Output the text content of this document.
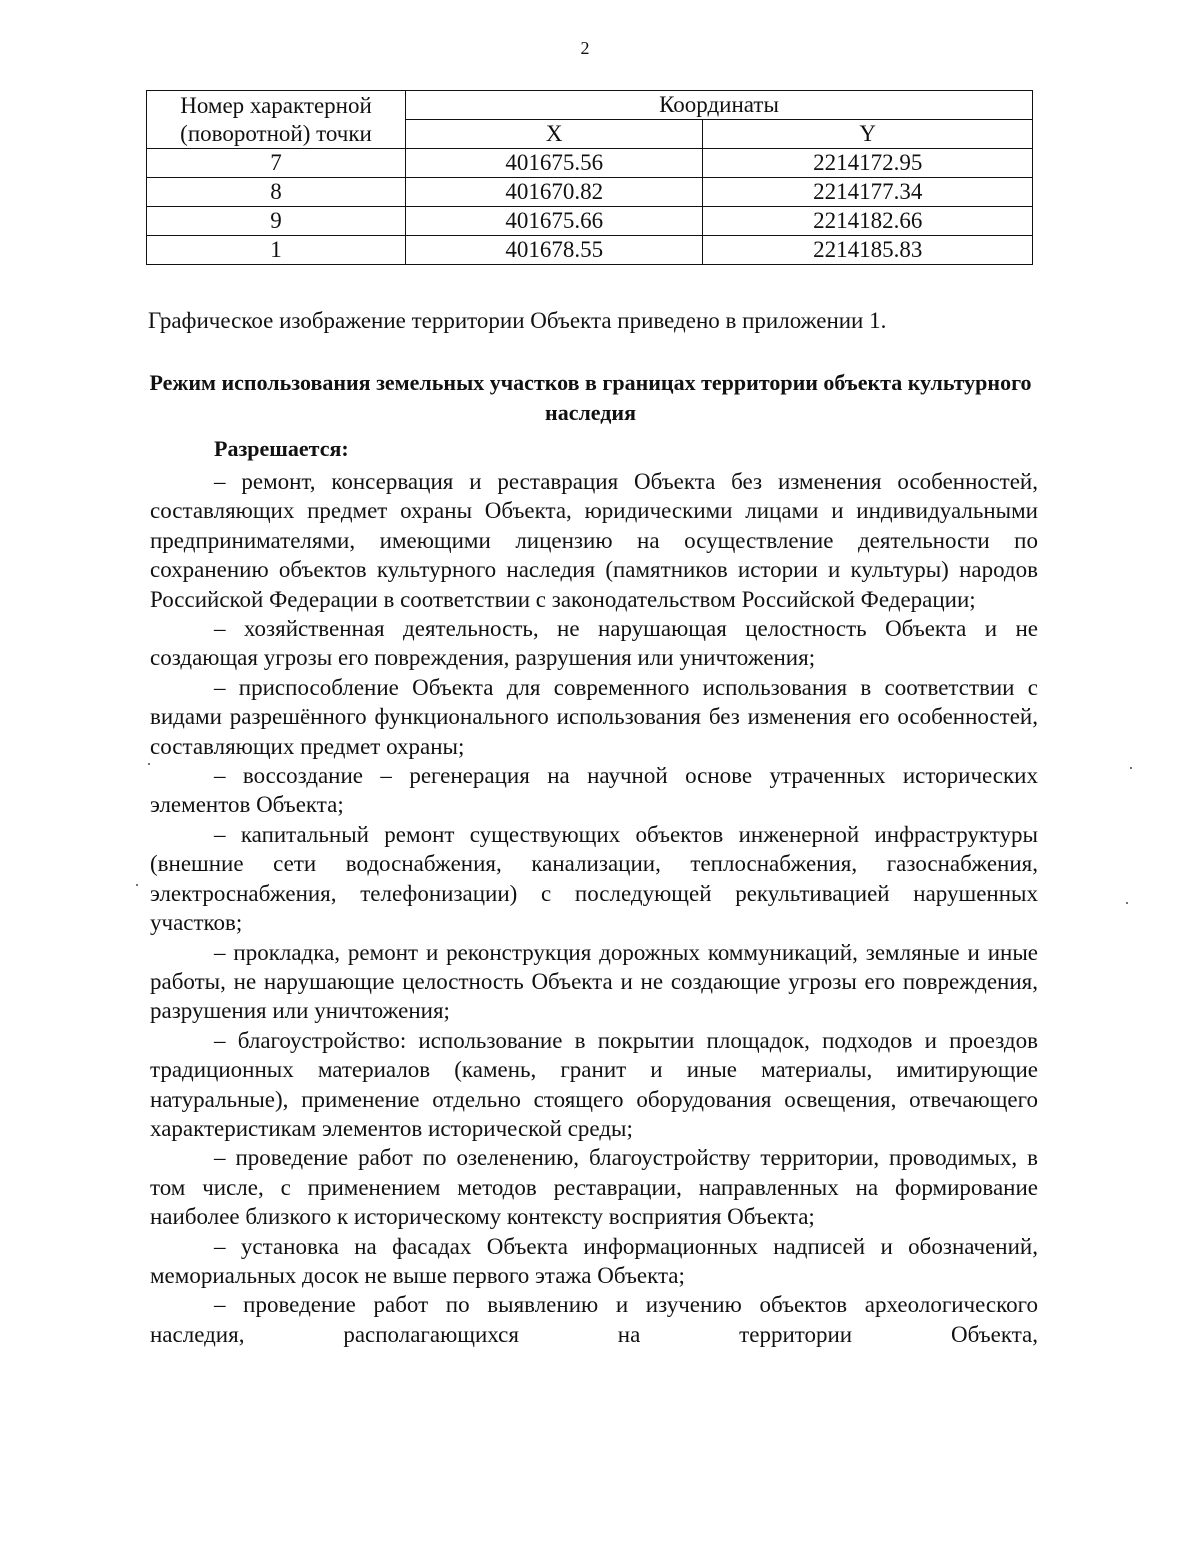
2
Номер характерной (поворотной) точки	Координаты	
	X	Y
7	401675.56	2214172.95
8	401670.82	2214177.34
9	401675.66	2214182.66
1	401678.55	2214185.83
Графическое изображение территории Объекта приведено в приложении 1.
Режим использования земельных участков в границах территории объекта культурного наследия
Разрешается:

– ремонт, консервация и реставрация Объекта без изменения особенностей, составляющих предмет охраны Объекта, юридическими лицами и индивидуальными предпринимателями, имеющими лицензию на осуществление деятельности по сохранению объектов культурного наследия (памятников истории и культуры) народов Российской Федерации в соответствии с законодательством Российской Федерации;

– хозяйственная деятельность, не нарушающая целостность Объекта и не создающая угрозы его повреждения, разрушения или уничтожения;

– приспособление Объекта для современного использования в соответствии с видами разрешённого функционального использования без изменения его особенностей, составляющих предмет охраны;

– воссоздание – регенерация на научной основе утраченных исторических элементов Объекта;

– капитальный ремонт существующих объектов инженерной инфраструктуры (внешние сети водоснабжения, канализации, теплоснабжения, газоснабжения, электроснабжения, телефонизации) с последующей рекультивацией нарушенных участков;

– прокладка, ремонт и реконструкция дорожных коммуникаций, земляные и иные работы, не нарушающие целостность Объекта и не создающие угрозы его повреждения, разрушения или уничтожения;

– благоустройство: использование в покрытии площадок, подходов и проездов традиционных материалов (камень, гранит и иные материалы, имитирующие натуральные), применение отдельно стоящего оборудования освещения, отвечающего характеристикам элементов исторической среды;

– проведение работ по озеленению, благоустройству территории, проводимых, в том числе, с применением методов реставрации, направленных на формирование наиболее близкого к историческому контексту восприятия Объекта;

– установка на фасадах Объекта информационных надписей и обозначений, мемориальных досок не выше первого этажа Объекта;

– проведение работ по выявлению и изучению объектов археологического наследия, располагающихся на территории Объекта,
